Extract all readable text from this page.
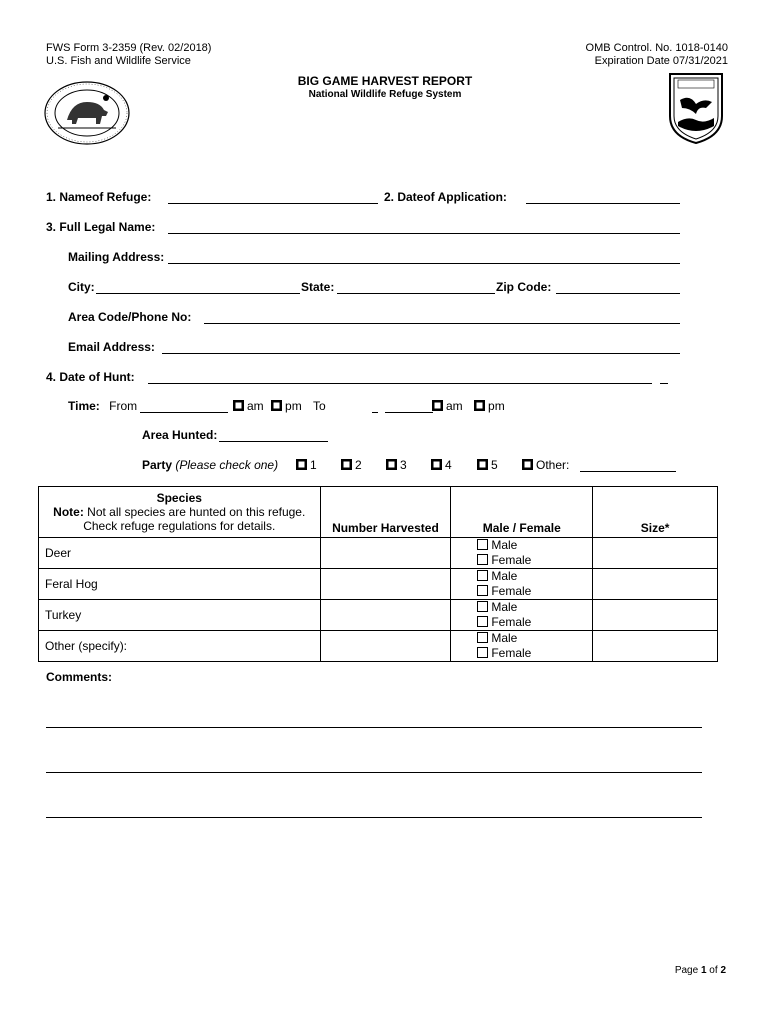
FWS Form 3-2359 (Rev. 02/2018)
U.S. Fish and Wildlife Service
OMB Control. No. 1018-0140
Expiration Date 07/31/2021
BIG GAME HARVEST REPORT
National Wildlife Refuge System
1. Nameof Refuge:	2. Dateof Application:
3. Full Legal Name:
Mailing Address:
City:	State:	Zip Code:
Area Code/Phone No:
Email Address:
4. Date of Hunt:
Time: From	am pm To	am pm
Area Hunted:
Party (Please check one)	1	2	3	4	5	Other:
Species
Note: Not all species are hunted on this refuge.
Check refuge regulations for details.	Number Harvested	Male / Female	Size*
Deer		Male
Female	

Feral Hog		Male
Female	

Turkey		Male
Female	

Other (specify):		Male
Female	

Comments:
Page 1 of 2
